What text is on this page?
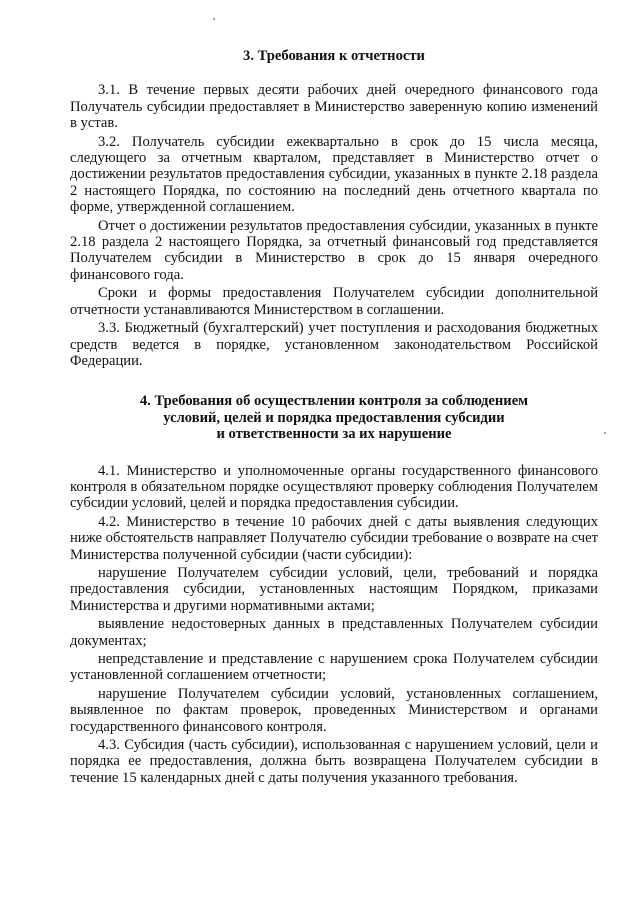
3. Требования к отчетности

3.1. В течение первых десяти рабочих дней очередного финансового года Получатель субсидии предоставляет в Министерство заверенную копию изменений в устав.

3.2. Получатель субсидии ежеквартально в срок до 15 числа месяца, следующего за отчетным кварталом, представляет в Министерство отчет о достижении результатов предоставления субсидии, указанных в пункте 2.18 раздела 2 настоящего Порядка, по состоянию на последний день отчетного квартала по форме, утвержденной соглашением.

Отчет о достижении результатов предоставления субсидии, указанных в пункте 2.18 раздела 2 настоящего Порядка, за отчетный финансовый год представляется Получателем субсидии в Министерство в срок до 15 января очередного финансового года.

Сроки и формы предоставления Получателем субсидии дополнительной отчетности устанавливаются Министерством в соглашении.

3.3. Бюджетный (бухгалтерский) учет поступления и расходования бюджетных средств ведется в порядке, установленном законодательством Российской Федерации.

4. Требования об осуществлении контроля за соблюдением
условий, целей и порядка предоставления субсидии
и ответственности за их нарушение

4.1. Министерство и уполномоченные органы государственного финансового контроля в обязательном порядке осуществляют проверку соблюдения Получателем субсидии условий, целей и порядка предоставления субсидии.

4.2. Министерство в течение 10 рабочих дней с даты выявления следующих ниже обстоятельств направляет Получателю субсидии требование о возврате на счет Министерства полученной субсидии (части субсидии):

нарушение Получателем субсидии условий, цели, требований и порядка предоставления субсидии, установленных настоящим Порядком, приказами Министерства и другими нормативными актами;

выявление недостоверных данных в представленных Получателем субсидии документах;

непредставление и представление с нарушением срока Получателем субсидии установленной соглашением отчетности;

нарушение Получателем субсидии условий, установленных соглашением, выявленное по фактам проверок, проведенных Министерством и органами государственного финансового контроля.

4.3. Субсидия (часть субсидии), использованная с нарушением условий, цели и порядка ее предоставления, должна быть возвращена Получателем субсидии в течение 15 календарных дней с даты получения указанного требования.
